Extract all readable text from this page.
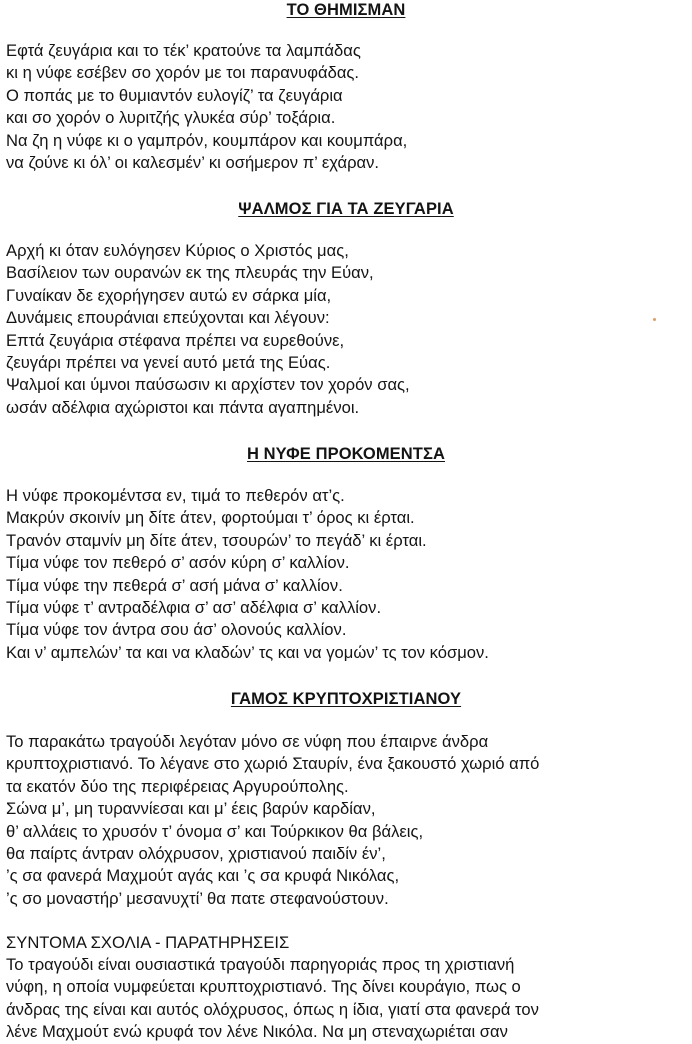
ΤΟ ΘΗΜΙΣΜΑΝ
Εφτά ζευγάρια και το τέκ’ κρατούνε τα λαμπάδας
κι η νύφε εσέβεν σο χορόν με τοι παρανυφάδας.
Ο ποπάς με το θυμιαντόν ευλογίζ’ τα ζευγάρια
και σο χορόν ο λυριτζής γλυκέα σύρ’ τοξάρια.
Να ζη η νύφε κι ο γαμπρόν, κουμπάρον και κουμπάρα,
να ζούνε κι όλ’ οι καλεσμέν’ κι οσήμερον π’ εχάραν.
ΨΑΛΜΟΣ ΓΙΑ ΤΑ ΖΕΥΓΑΡΙΑ
Αρχή κι όταν ευλόγησεν Κύριος ο Χριστός μας,
Βασίλειον των ουρανών εκ της πλευράς την Εύαν,
Γυναίκαν δε εχορήγησεν αυτώ εν σάρκα μία,
Δυνάμεις επουράνιαι επεύχονται και λέγουν:
Επτά ζευγάρια στέφανα πρέπει να ευρεθούνε,
ζευγάρι πρέπει να γενεί αυτό μετά της Εύας.
Ψαλμοί και ύμνοι παύσωσιν κι αρχίστεν τον χορόν σας,
ωσάν αδέλφια αχώριστοι και πάντα αγαπημένοι.
Η ΝΥΦΕ ΠΡΟΚΟΜΕΝΤΣΑ
Η νύφε προκομέντσα εν, τιμά το πεθερόν ατ’ς.
Μακρύν σκοινίν μη δίτε άτεν, φορτούμαι τ’ όρος κι έρται.
Τρανόν σταμνίν μη δίτε άτεν, τσουρών’ το πεγάδ’ κι έρται.
Τίμα νύφε τον πεθερό σ’ ασόν κύρη σ’ καλλίον.
Τίμα νύφε την πεθερά σ’ ασή μάνα σ’ καλλίον.
Τίμα νύφε τ’ αντραδέλφια σ’ ασ’ αδέλφια σ’ καλλίον.
Τίμα νύφε τον άντρα σου άσ’ ολονούς καλλίον.
Και ν’ αμπελών’ τα και να κλαδών’ τς και να γομών’ τς τον κόσμον.
ΓΑΜΟΣ ΚΡΥΠΤΟΧΡΙΣΤΙΑΝΟΥ
Το παρακάτω τραγούδι λεγόταν μόνο σε νύφη που έπαιρνε άνδρα
κρυπτοχριστιανό. Το λέγανε στο χωριό Σταυρίν, ένα ξακουστό χωριό από
τα εκατόν δύο της περιφέρειας Αργυρούπολης.
Σώνα μ’, μη τυραννίεσαι και μ’ έεις βαρύν καρδίαν,
θ’ αλλάεις το χρυσόν τ’ όνομα σ’ και Τούρκικον θα βάλεις,
θα παίρτς άντραν ολόχρυσον, χριστιανού παιδίν έν’,
’ς σα φανερά Μαχμούτ αγάς και ’ς σα κρυφά Νικόλας,
’ς σο μοναστήρ’ μεσανυχτί’ θα πατε στεφανούστουν.
ΣΥΝΤΟΜΑ ΣΧΟΛΙΑ - ΠΑΡΑΤΗΡΗΣΕΙΣ
Το τραγούδι είναι ουσιαστικά τραγούδι παρηγοριάς προς τη χριστιανή
νύφη, η οποία νυμφεύεται κρυπτοχριστιανό. Της δίνει κουράγιο, πως ο
άνδρας της είναι και αυτός ολόχρυσος, όπως η ίδια, γιατί στα φανερά τον
λένε Μαχμούτ ενώ κρυφά τον λένε Νικόλα. Να μη στεναχωριέται σαν
